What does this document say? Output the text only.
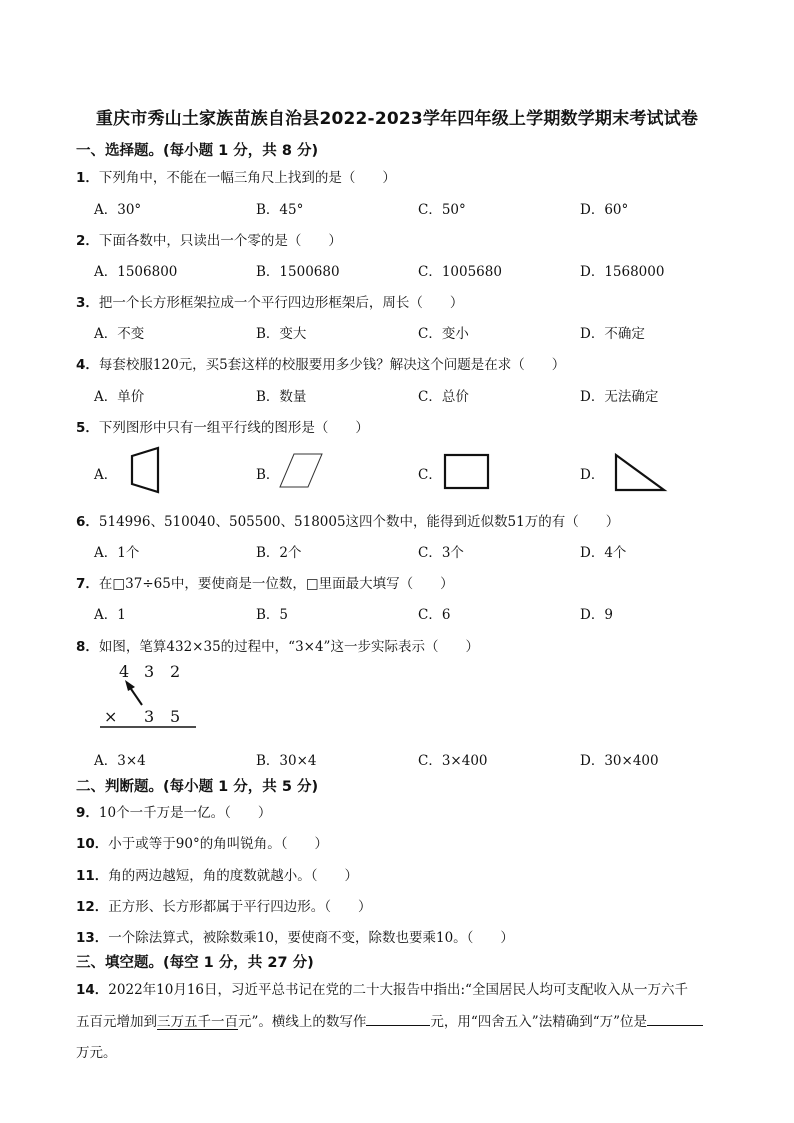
重庆市秀山土家族苗族自治县2022-2023学年四年级上学期数学期末考试试卷
一、选择题。(每小题 1 分，共 8 分)
1．下列角中，不能在一幅三角尺上找到的是（　　）
A．30°	B．45°	C．50°	D．60°
2．下面各数中，只读出一个零的是（　　）
A．1506800	B．1500680	C．1005680	D．1568000
3．把一个长方形框架拉成一个平行四边形框架后，周长（　　）
A．不变	B．变大	C．变小	D．不确定
4．每套校服120元，买5套这样的校服要用多少钱？解决这个问题是在求（　　）
A．单价	B．数量	C．总价	D．无法确定
5．下列图形中只有一组平行线的图形是（　　）
A．	B．	C．	D．
6．514996、510040、505500、518005这四个数中，能得到近似数51万的有（　　）
A．1个	B．2个	C．3个	D．4个
7．在□37÷65中，要使商是一位数，□里面最大填写（　　）
A．1	B．5	C．6	D．9
8．如图，笔算432×35的过程中，“3×4”这一步实际表示（　　）
4 3 2
× 3 5
A．3×4	B．30×4	C．3×400	D．30×400
二、判断题。(每小题 1 分，共 5 分)
9．10个一千万是一亿。（　　）
10．小于或等于90°的角叫锐角。（　　）
11．角的两边越短，角的度数就越小。（　　）
12．正方形、长方形都属于平行四边形。（　　）
13．一个除法算式，被除数乘10，要使商不变，除数也要乘10。（　　）
三、填空题。(每空 1 分，共 27 分)
14．2022年10月16日，习近平总书记在党的二十大报告中指出:“全国居民人均可支配收入从一万六千
五百元增加到三万五千一百元”。横线上的数写作	元，用“四舍五入”法精确到“万”位是
万元。
